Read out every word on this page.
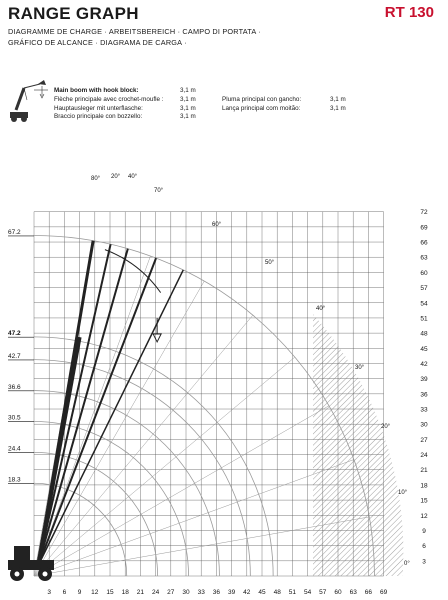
RANGE GRAPH	RT 130
DIAGRAMME DE CHARGE · ARBEITSBEREICH · CAMPO DI PORTATA ·
GRÁFICO DE ALCANCE · DIAGRAMA DE CARGA ·
Main boom with hook block:	3,1 m
Flèche principale avec crochet-moufle :	3,1 m
Hauptausleger mit unterflasche:	3,1 m
Braccio principale con bozzello:	3,1 m
Pluma principal con gancho:	3,1 m
Lança principal com moitão:	3,1 m
3 6 9 12 15 18 21 24 27 30 33 36 39 42 45 48 51 54 57 60 63 66 69
3
6
9
12
15
18
21
24
27
30
33
36
39
42
45
48
51
54
57
60
63
66
69
72
67.2
47.2
42.7
36.6
30.5
24.4
18.3
80° 20° 40°
70°
60°
50°
40°
30°
20°
10°
0°
